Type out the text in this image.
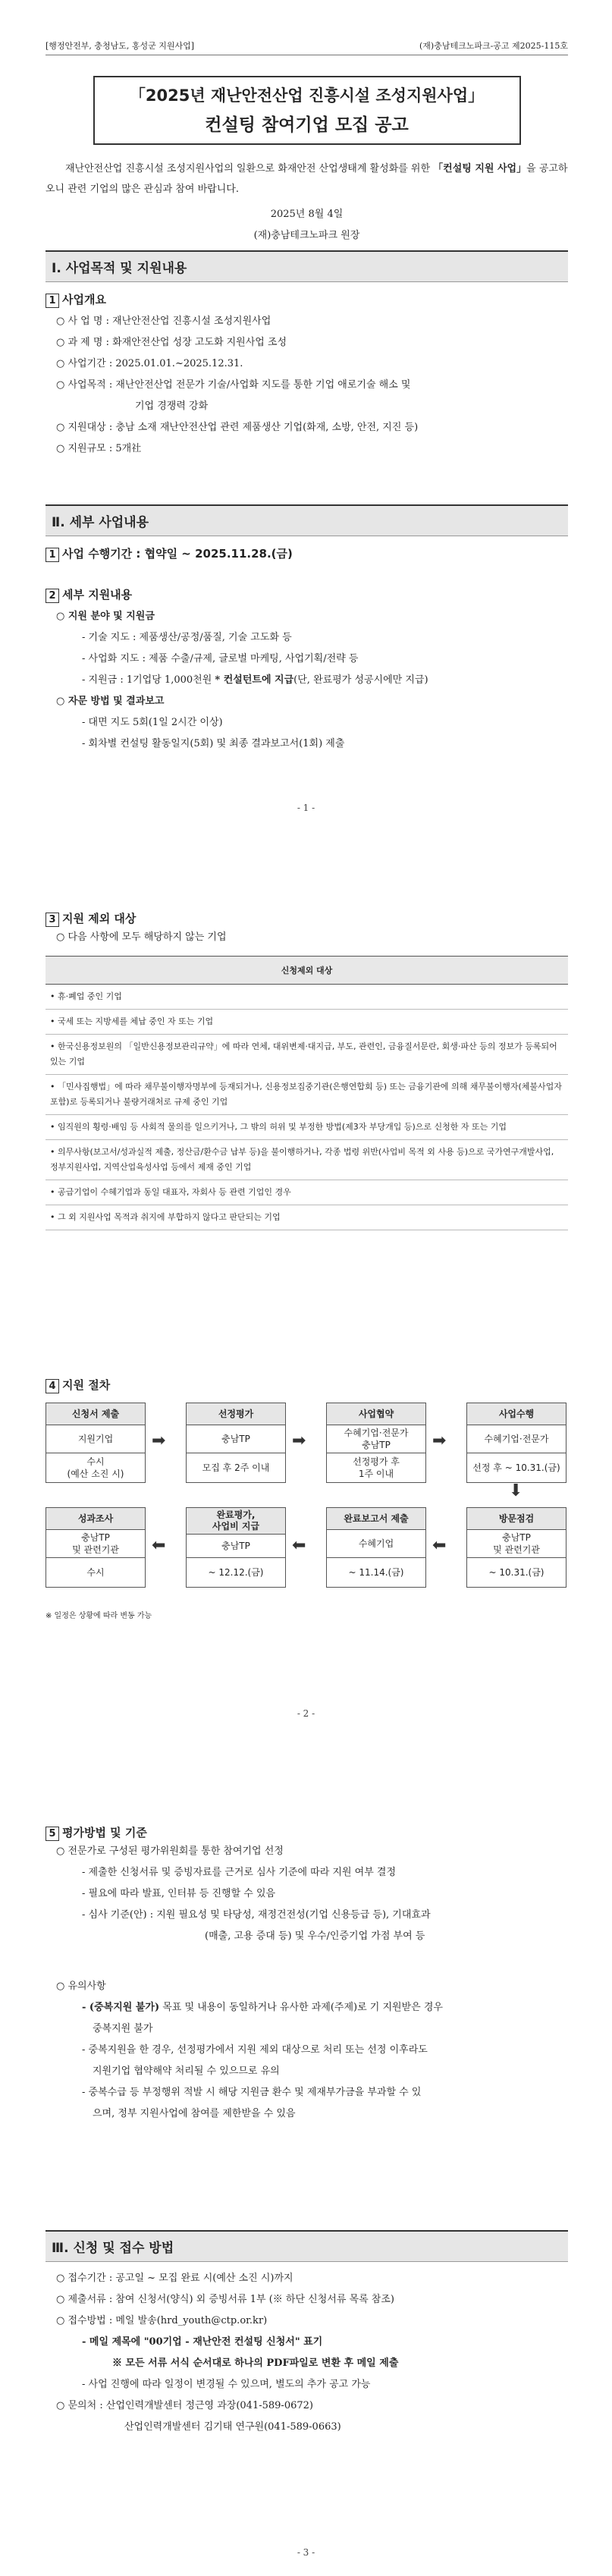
[행정안전부, 충청남도, 홍성군 지원사업]	(재)충남테크노파크-공고 제2025-115호
「2025년 재난안전산업 진흥시설 조성지원사업」
컨설팅 참여기업 모집 공고

재난안전산업 진흥시설 조성지원사업의 일환으로 화재안전 산업생태계 활성화를 위한 「컨설팅 지원 사업」을 공고하오니 관련 기업의 많은 관심과 참여 바랍니다.

2025년 8월 4일
(재)충남테크노파크 원장
Ⅰ. 사업목적 및 지원내용
1 사업개요
○ 사 업 명 : 재난안전산업 진흥시설 조성지원사업
○ 과 제 명 : 화재안전산업 성장 고도화 지원사업 조성
○ 사업기간 : 2025.01.01.~2025.12.31.
○ 사업목적 : 재난안전산업 전문가 기술/사업화 지도를 통한 기업 애로기술 해소 및
기업 경쟁력 강화
○ 지원대상 : 충남 소재 재난안전산업 관련 제품생산 기업(화재, 소방, 안전, 지진 등)
○ 지원규모 : 5개社
Ⅱ. 세부 사업내용
1 사업 수행기간 : 협약일 ~ 2025.11.28.(금)
2 세부 지원내용
○ 지원 분야 및 지원금
- 기술 지도 : 제품생산/공정/품질, 기술 고도화 등
- 사업화 지도 : 제품 수출/규제, 글로벌 마케팅, 사업기획/전략 등
- 지원금 : 1기업당 1,000천원 * 컨설턴트에 지급(단, 완료평가 성공시에만 지급)
○ 자문 방법 및 결과보고
- 대면 지도 5회(1일 2시간 이상)
- 회차별 컨설팅 활동일지(5회) 및 최종 결과보고서(1회) 제출
- 1 -
3 지원 제외 대상
○ 다음 사항에 모두 해당하지 않는 기업
신청제외 대상
• 휴·폐업 중인 기업
• 국세 또는 지방세를 체납 중인 자 또는 기업
• 한국신용정보원의 「일반신용정보관리규약」에 따라 연체, 대위변제·대지급, 부도, 관련인, 금융질서문란, 회생·파산 등의 정보가 등록되어 있는 기업
• 「민사집행법」에 따라 채무불이행자명부에 등재되거나, 신용정보집중기관(은행연합회 등) 또는 금융기관에 의해 채무불이행자(체불사업자 포함)로 등록되거나 불량거래처로 규제 중인 기업
• 임직원의 횡령·배임 등 사회적 물의를 일으키거나, 그 밖의 허위 및 부정한 방법(제3자 부당개입 등)으로 신청한 자 또는 기업
• 의무사항(보고서/성과실적 제출, 정산금/환수금 납부 등)을 불이행하거나, 각종 법령 위반(사업비 목적 외 사용 등)으로 국가연구개발사업, 정부지원사업, 지역산업육성사업 등에서 제재 중인 기업
• 공급기업이 수혜기업과 동일 대표자, 자회사 등 관련 기업인 경우
• 그 외 지원사업 목적과 취지에 부합하지 않다고 판단되는 기업
4 지원 절차
신청서 제출
지원기업
수시
(예산 소진 시)
선정평가
충남TP
모집 후 2주 이내
사업협약
수혜기업·전문가
충남TP
선정평가 후
1주 이내
사업수행
수혜기업·전문가
선정 후 ~ 10.31.(금)
성과조사
충남TP
및 관련기관
수시
완료평가,
사업비 지급
충남TP
~ 12.12.(금)
완료보고서 제출
수혜기업
~ 11.14.(금)
방문점검
충남TP
및 관련기관
~ 10.31.(금)
➡	➡	➡
⬇
⬅	⬅	⬅
※ 일정은 상황에 따라 변동 가능
- 2 -
5 평가방법 및 기준
○ 전문가로 구성된 평가위원회를 통한 참여기업 선정
- 제출한 신청서류 및 증빙자료를 근거로 심사 기준에 따라 지원 여부 결정
- 필요에 따라 발표, 인터뷰 등 진행할 수 있음
- 심사 기준(안) : 지원 필요성 및 타당성, 재정건전성(기업 신용등급 등), 기대효과
(매출, 고용 증대 등) 및 우수/인증기업 가점 부여 등
○ 유의사항
- (중복지원 불가) 목표 및 내용이 동일하거나 유사한 과제(주제)로 기 지원받은 경우
중복지원 불가
- 중복지원을 한 경우, 선정평가에서 지원 제외 대상으로 처리 또는 선정 이후라도
지원기업 협약해약 처리될 수 있으므로 유의
- 중복수급 등 부정행위 적발 시 해당 지원금 환수 및 제재부가금을 부과할 수 있
으며, 정부 지원사업에 참여를 제한받을 수 있음
Ⅲ. 신청 및 접수 방법
○ 접수기간 : 공고일 ~ 모집 완료 시(예산 소진 시)까지
○ 제출서류 : 참여 신청서(양식) 외 증빙서류 1부 (※ 하단 신청서류 목록 참조)
○ 접수방법 : 메일 발송(hrd_youth@ctp.or.kr)
- 메일 제목에 "00기업 - 재난안전 컨설팅 신청서" 표기
※ 모든 서류 서식 순서대로 하나의 PDF파일로 변환 후 메일 제출
- 사업 진행에 따라 일정이 변경될 수 있으며, 별도의 추가 공고 가능
○ 문의처 : 산업인력개발센터 정근영 과장(041-589-0672)
산업인력개발센터 김기태 연구원(041-589-0663)
- 3 -
